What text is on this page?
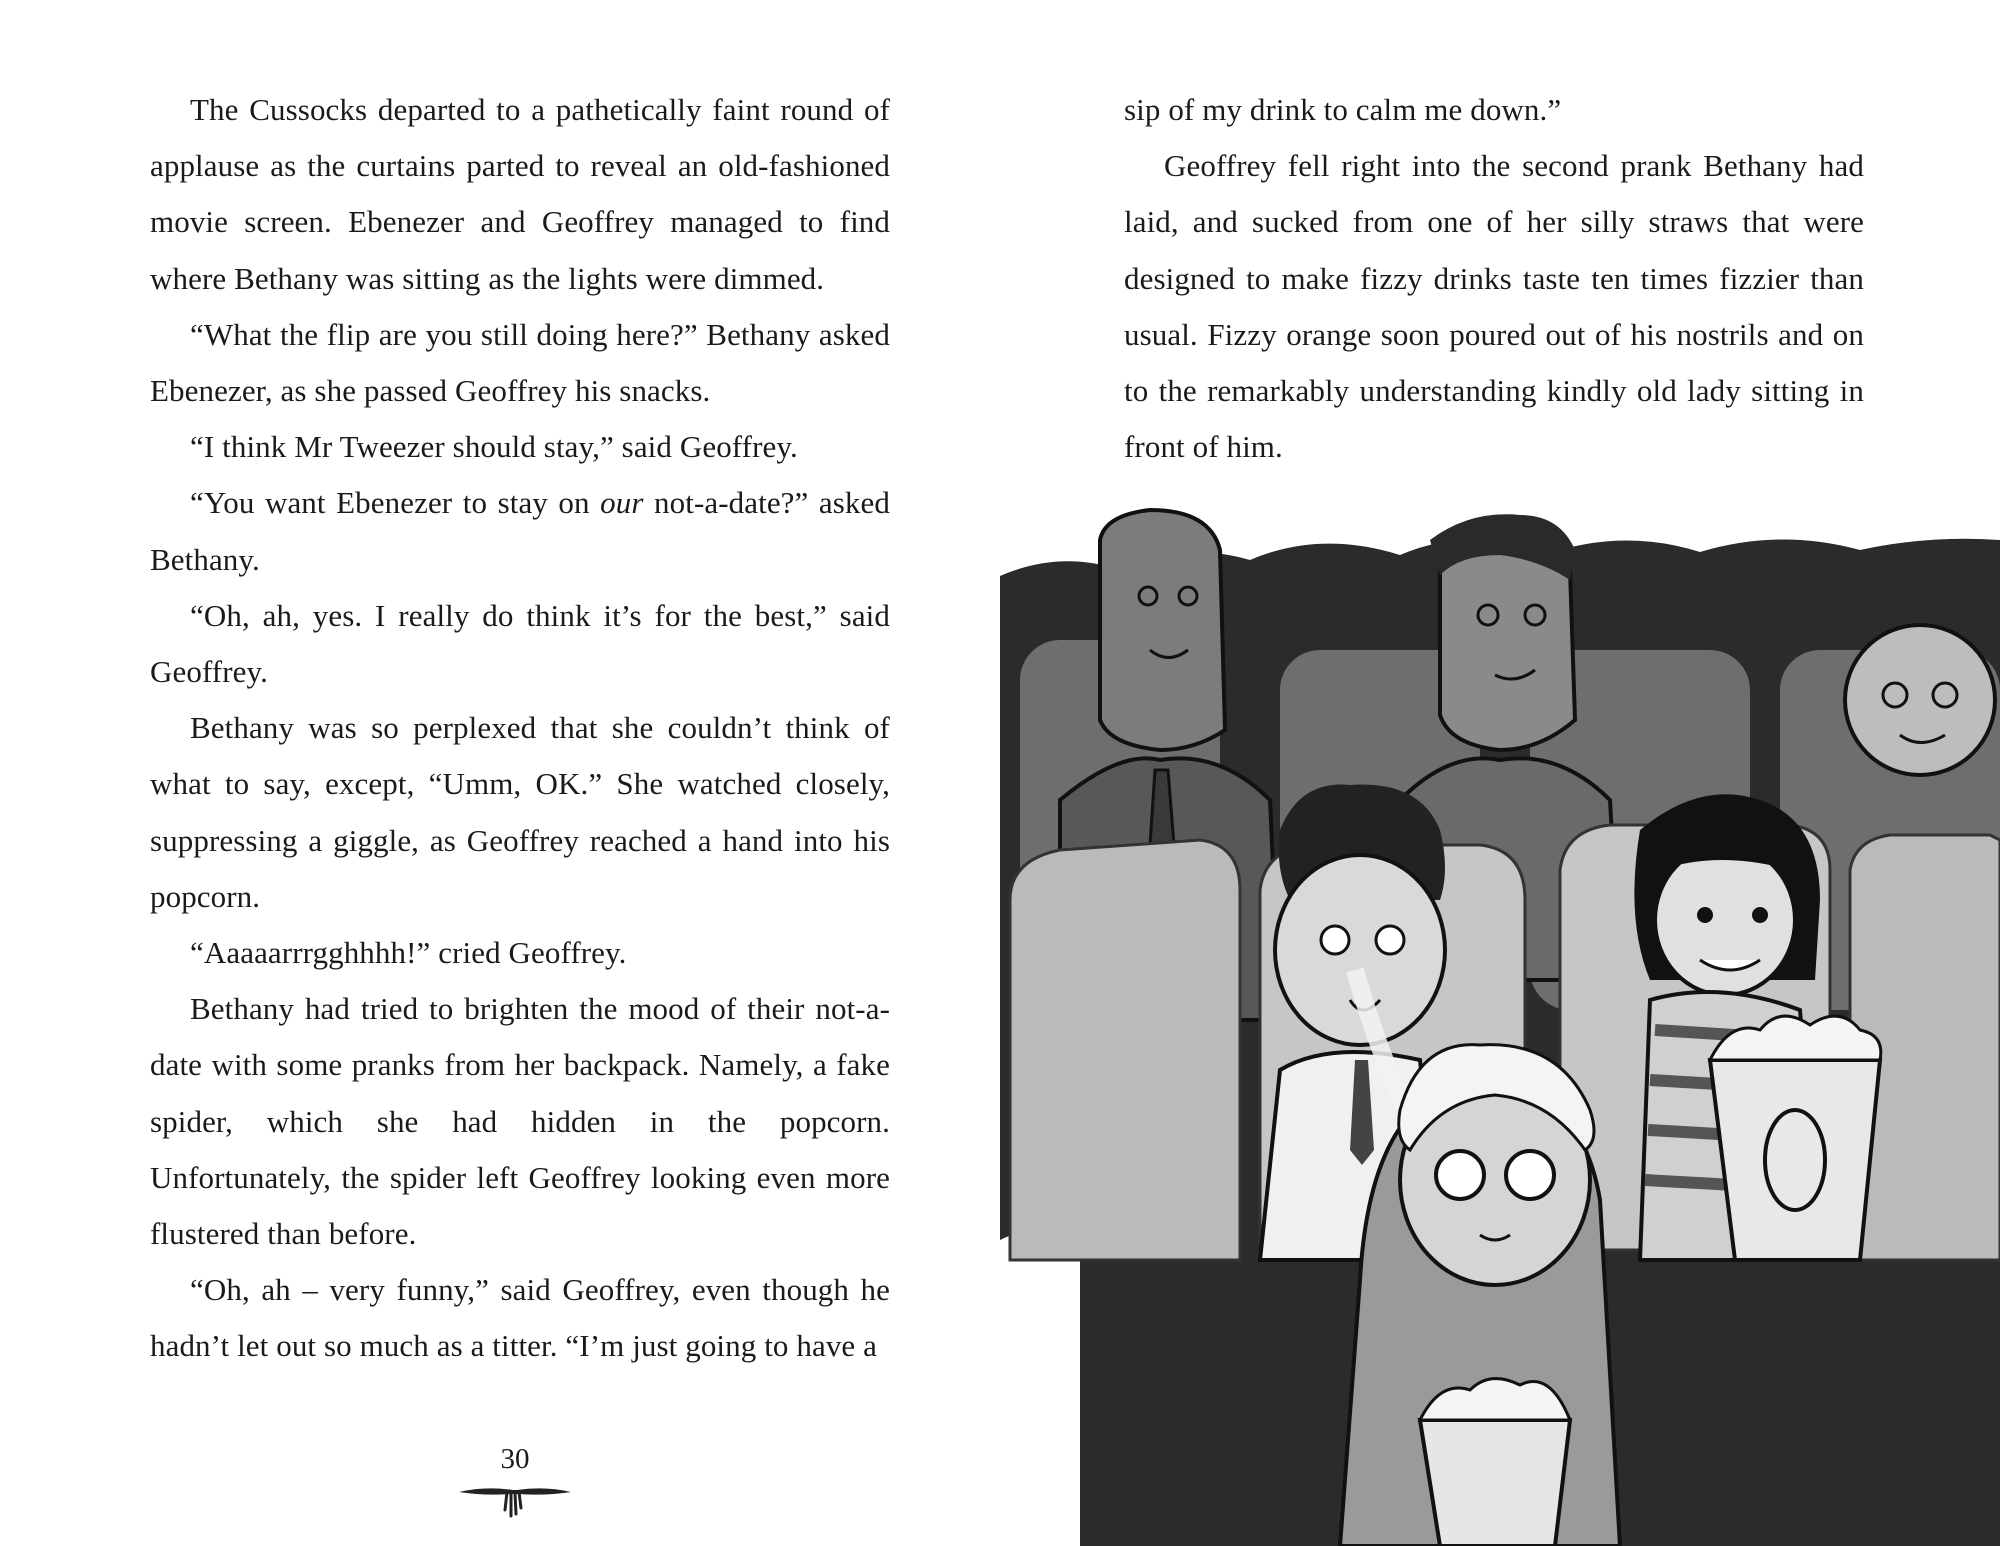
The Cussocks departed to a pathetically faint round of applause as the curtains parted to reveal an old-fashioned movie screen. Ebenezer and Geoffrey managed to find where Bethany was sitting as the lights were dimmed.

“What the flip are you still doing here?” Bethany asked Ebenezer, as she passed Geoffrey his snacks.

“I think Mr Tweezer should stay,” said Geoffrey.

“You want Ebenezer to stay on our not-a-date?” asked Bethany.

“Oh, ah, yes. I really do think it’s for the best,” said Geoffrey.

Bethany was so perplexed that she couldn’t think of what to say, except, “Umm, OK.” She watched closely, suppressing a giggle, as Geoffrey reached a hand into his popcorn.

“Aaaaarrrgghhhh!” cried Geoffrey.

Bethany had tried to brighten the mood of their not-a-date with some pranks from her backpack. Namely, a fake spider, which she had hidden in the popcorn. Unfortunately, the spider left Geoffrey looking even more flustered than before.

“Oh, ah – very funny,” said Geoffrey, even though he hadn’t let out so much as a titter. “I’m just going to have a

30

sip of my drink to calm me down.”

Geoffrey fell right into the second prank Bethany had laid, and sucked from one of her silly straws that were designed to make fizzy drinks taste ten times fizzier than usual. Fizzy orange soon poured out of his nostrils and on to the remarkably understanding kindly old lady sitting in front of him.
